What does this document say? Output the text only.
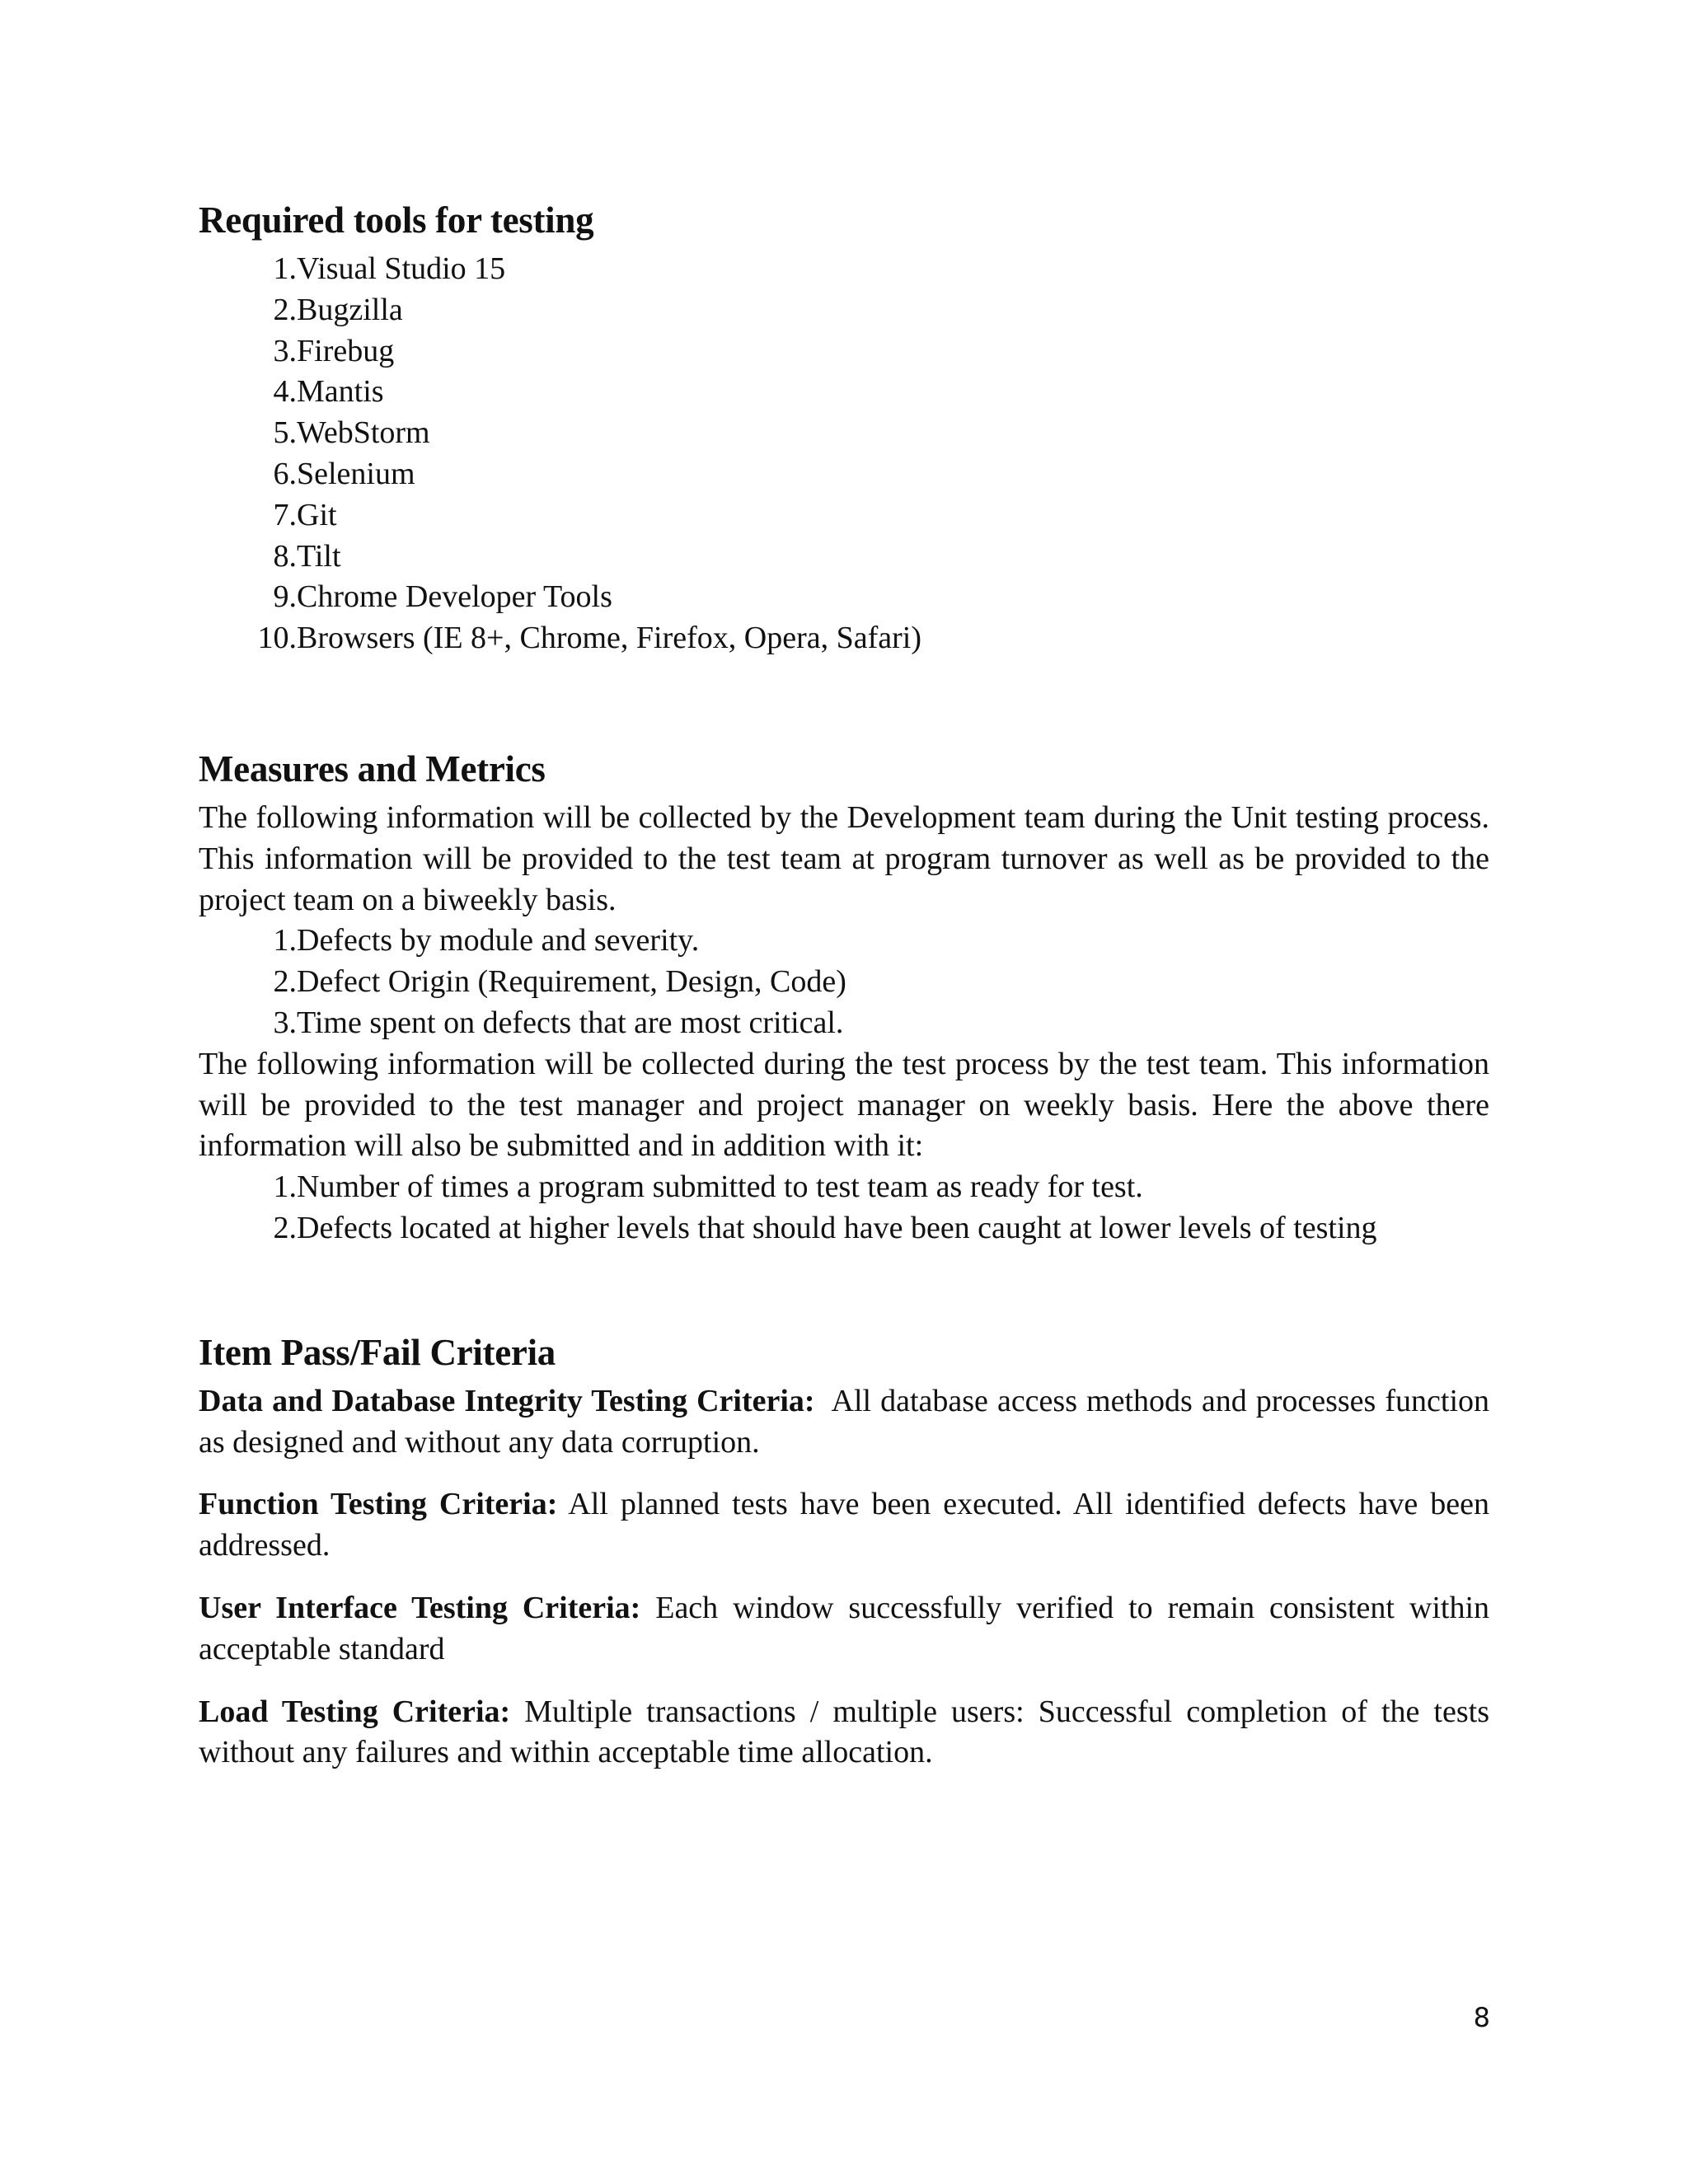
Required tools for testing
1. Visual Studio 15
2. Bugzilla
3. Firebug
4. Mantis
5. WebStorm
6. Selenium
7. Git
8. Tilt
9. Chrome Developer Tools
10. Browsers (IE 8+, Chrome, Firefox, Opera, Safari)
Measures and Metrics

The following information will be collected by the Development team during the Unit testing process. This information will be provided to the test team at program turnover as well as be provided to the project team on a biweekly basis.

1. Defects by module and severity.
2. Defect Origin (Requirement, Design, Code)
3. Time spent on defects that are most critical.

The following information will be collected during the test process by the test team. This information will be provided to the test manager and project manager on weekly basis. Here the above there information will also be submitted and in addition with it:

1. Number of times a program submitted to test team as ready for test.
2. Defects located at higher levels that should have been caught at lower levels of testing
Item Pass/Fail Criteria

Data and Database Integrity Testing Criteria:  All database access methods and processes function as designed and without any data corruption.

Function Testing Criteria: All planned tests have been executed. All identified defects have been addressed.

User Interface Testing Criteria: Each window successfully verified to remain consistent within acceptable standard

Load Testing Criteria: Multiple transactions / multiple users: Successful completion of the tests without any failures and within acceptable time allocation.

8
